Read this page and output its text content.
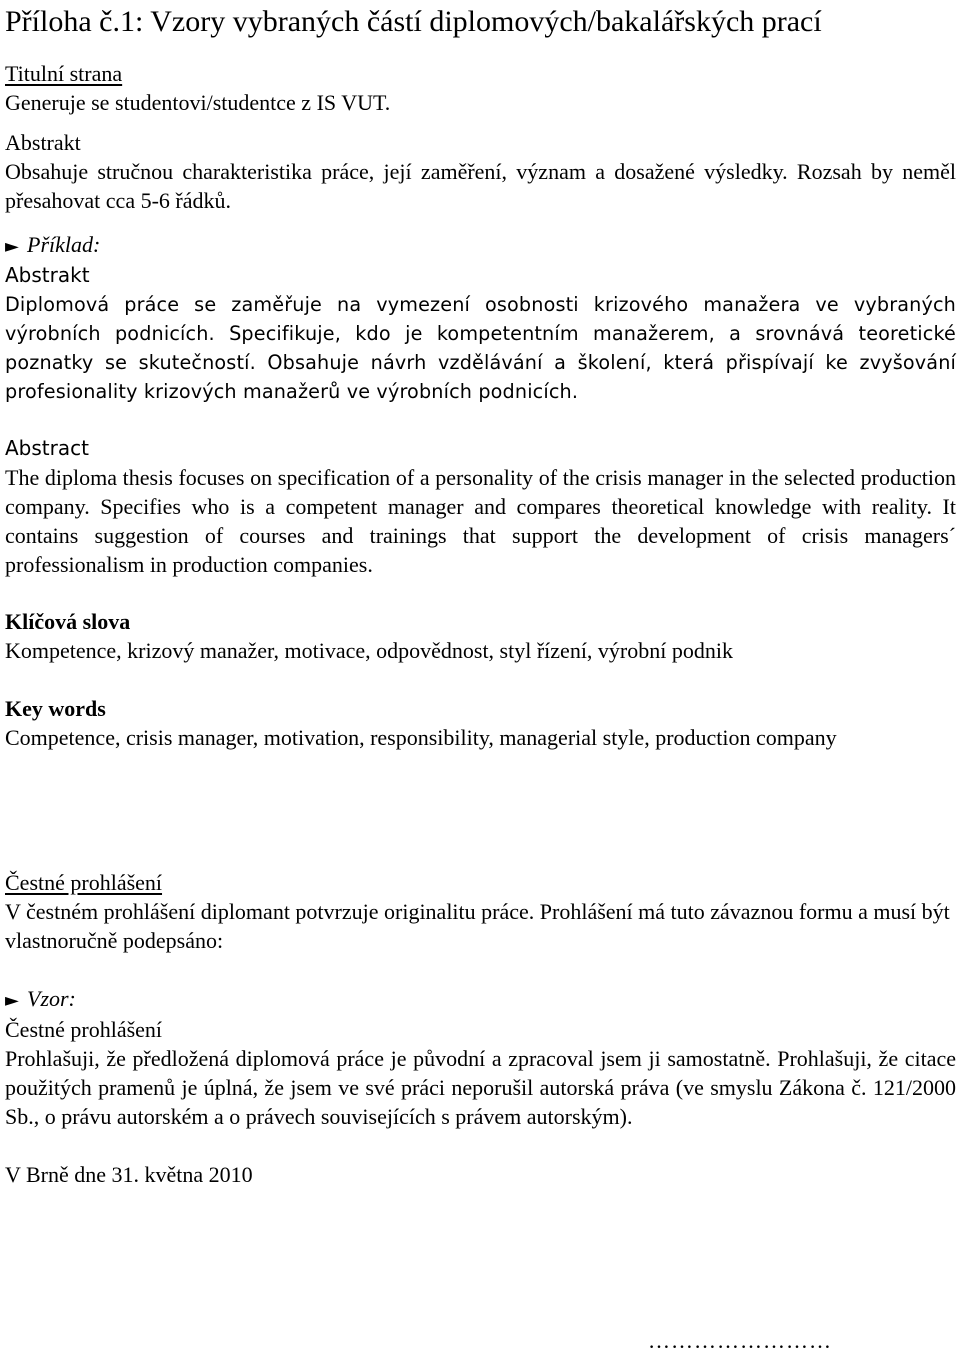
Příloha č.1: Vzory vybraných částí diplomových/bakalářských prací

Titulní strana

Generuje se studentovi/studentce z IS VUT.

Abstrakt

Obsahuje stručnou charakteristika práce, její zaměření, význam a dosažené výsledky. Rozsah by neměl přesahovat cca 5-6 řádků.

► Příklad:

Abstrakt

Diplomová práce se zaměřuje na vymezení osobnosti krizového manažera ve vybraných výrobních podnicích. Specifikuje, kdo je kompetentním manažerem, a srovnává teoretické poznatky se skutečností. Obsahuje návrh vzdělávání a školení, která přispívají ke zvyšování profesionality krizových manažerů ve výrobních podnicích.

Abstract

The diploma thesis focuses on specification of a personality of the crisis manager in the selected production company. Specifies who is a competent manager and compares theoretical knowledge with reality. It contains suggestion of courses and trainings that support the development of crisis managers´ professionalism in production companies.

Klíčová slova

Kompetence, krizový manažer, motivace, odpovědnost, styl řízení, výrobní podnik

Key words

Competence, crisis manager, motivation, responsibility, managerial style, production company

Čestné prohlášení

V čestném prohlášení diplomant potvrzuje originalitu práce. Prohlášení má tuto závaznou formu a musí být vlastnoručně podepsáno:

► Vzor:

Čestné prohlášení

Prohlašuji, že předložená diplomová práce je původní a zpracoval jsem ji samostatně. Prohlašuji, že citace použitých pramenů je úplná, že jsem ve své práci neporušil autorská práva (ve smyslu Zákona č. 121/2000 Sb., o právu autorském a o právech souvisejících s právem autorským).

V Brně dne 31. května 2010

……………………
